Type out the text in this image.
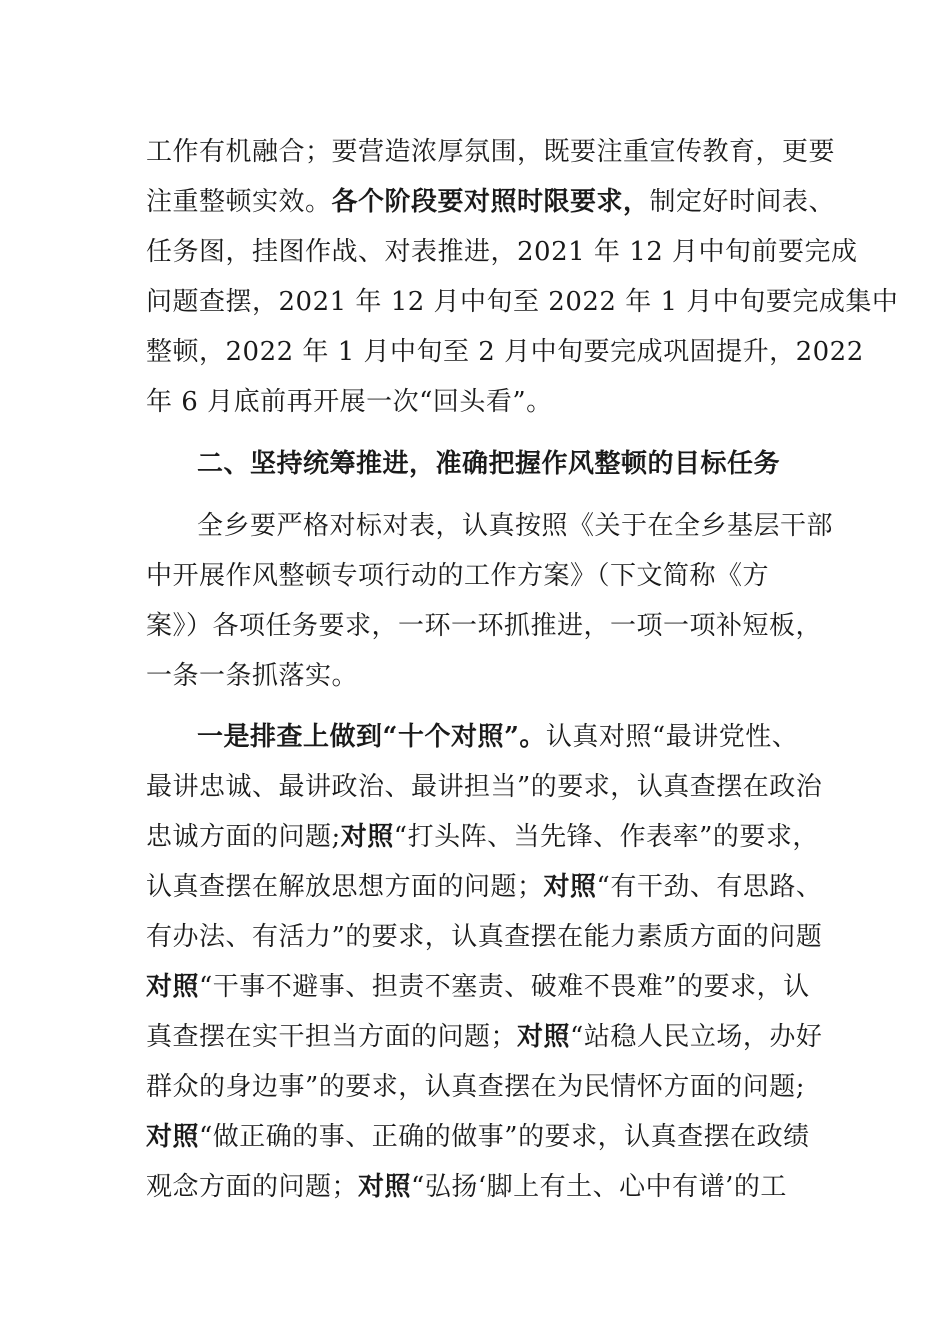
工作有机融合；要营造浓厚氛围，既要注重宣传教育，更要
注重整顿实效。各个阶段要对照时限要求，制定好时间表、
任务图，挂图作战、对表推进，2021 年 12 月中旬前要完成
问题查摆，2021 年 12 月中旬至 2022 年 1 月中旬要完成集中
整顿，2022 年 1 月中旬至 2 月中旬要完成巩固提升，2022
年 6 月底前再开展一次“回头看”。
二、坚持统筹推进，准确把握作风整顿的目标任务
全乡要严格对标对表，认真按照《关于在全乡基层干部
中开展作风整顿专项行动的工作方案》（下文简称《方
案》）各项任务要求，一环一环抓推进，一项一项补短板，
一条一条抓落实。
一是排查上做到“十个对照”。认真对照“最讲党性、
最讲忠诚、最讲政治、最讲担当”的要求，认真查摆在政治
忠诚方面的问题;对照“打头阵、当先锋、作表率”的要求，
认真查摆在解放思想方面的问题；对照“有干劲、有思路、
有办法、有活力”的要求，认真查摆在能力素质方面的问题
对照“干事不避事、担责不塞责、破难不畏难”的要求，认
真查摆在实干担当方面的问题；对照“站稳人民立场，办好
群众的身边事”的要求，认真查摆在为民情怀方面的问题;
对照“做正确的事、正确的做事”的要求，认真查摆在政绩
观念方面的问题；对照“弘扬‘脚上有土、心中有谱’的工
